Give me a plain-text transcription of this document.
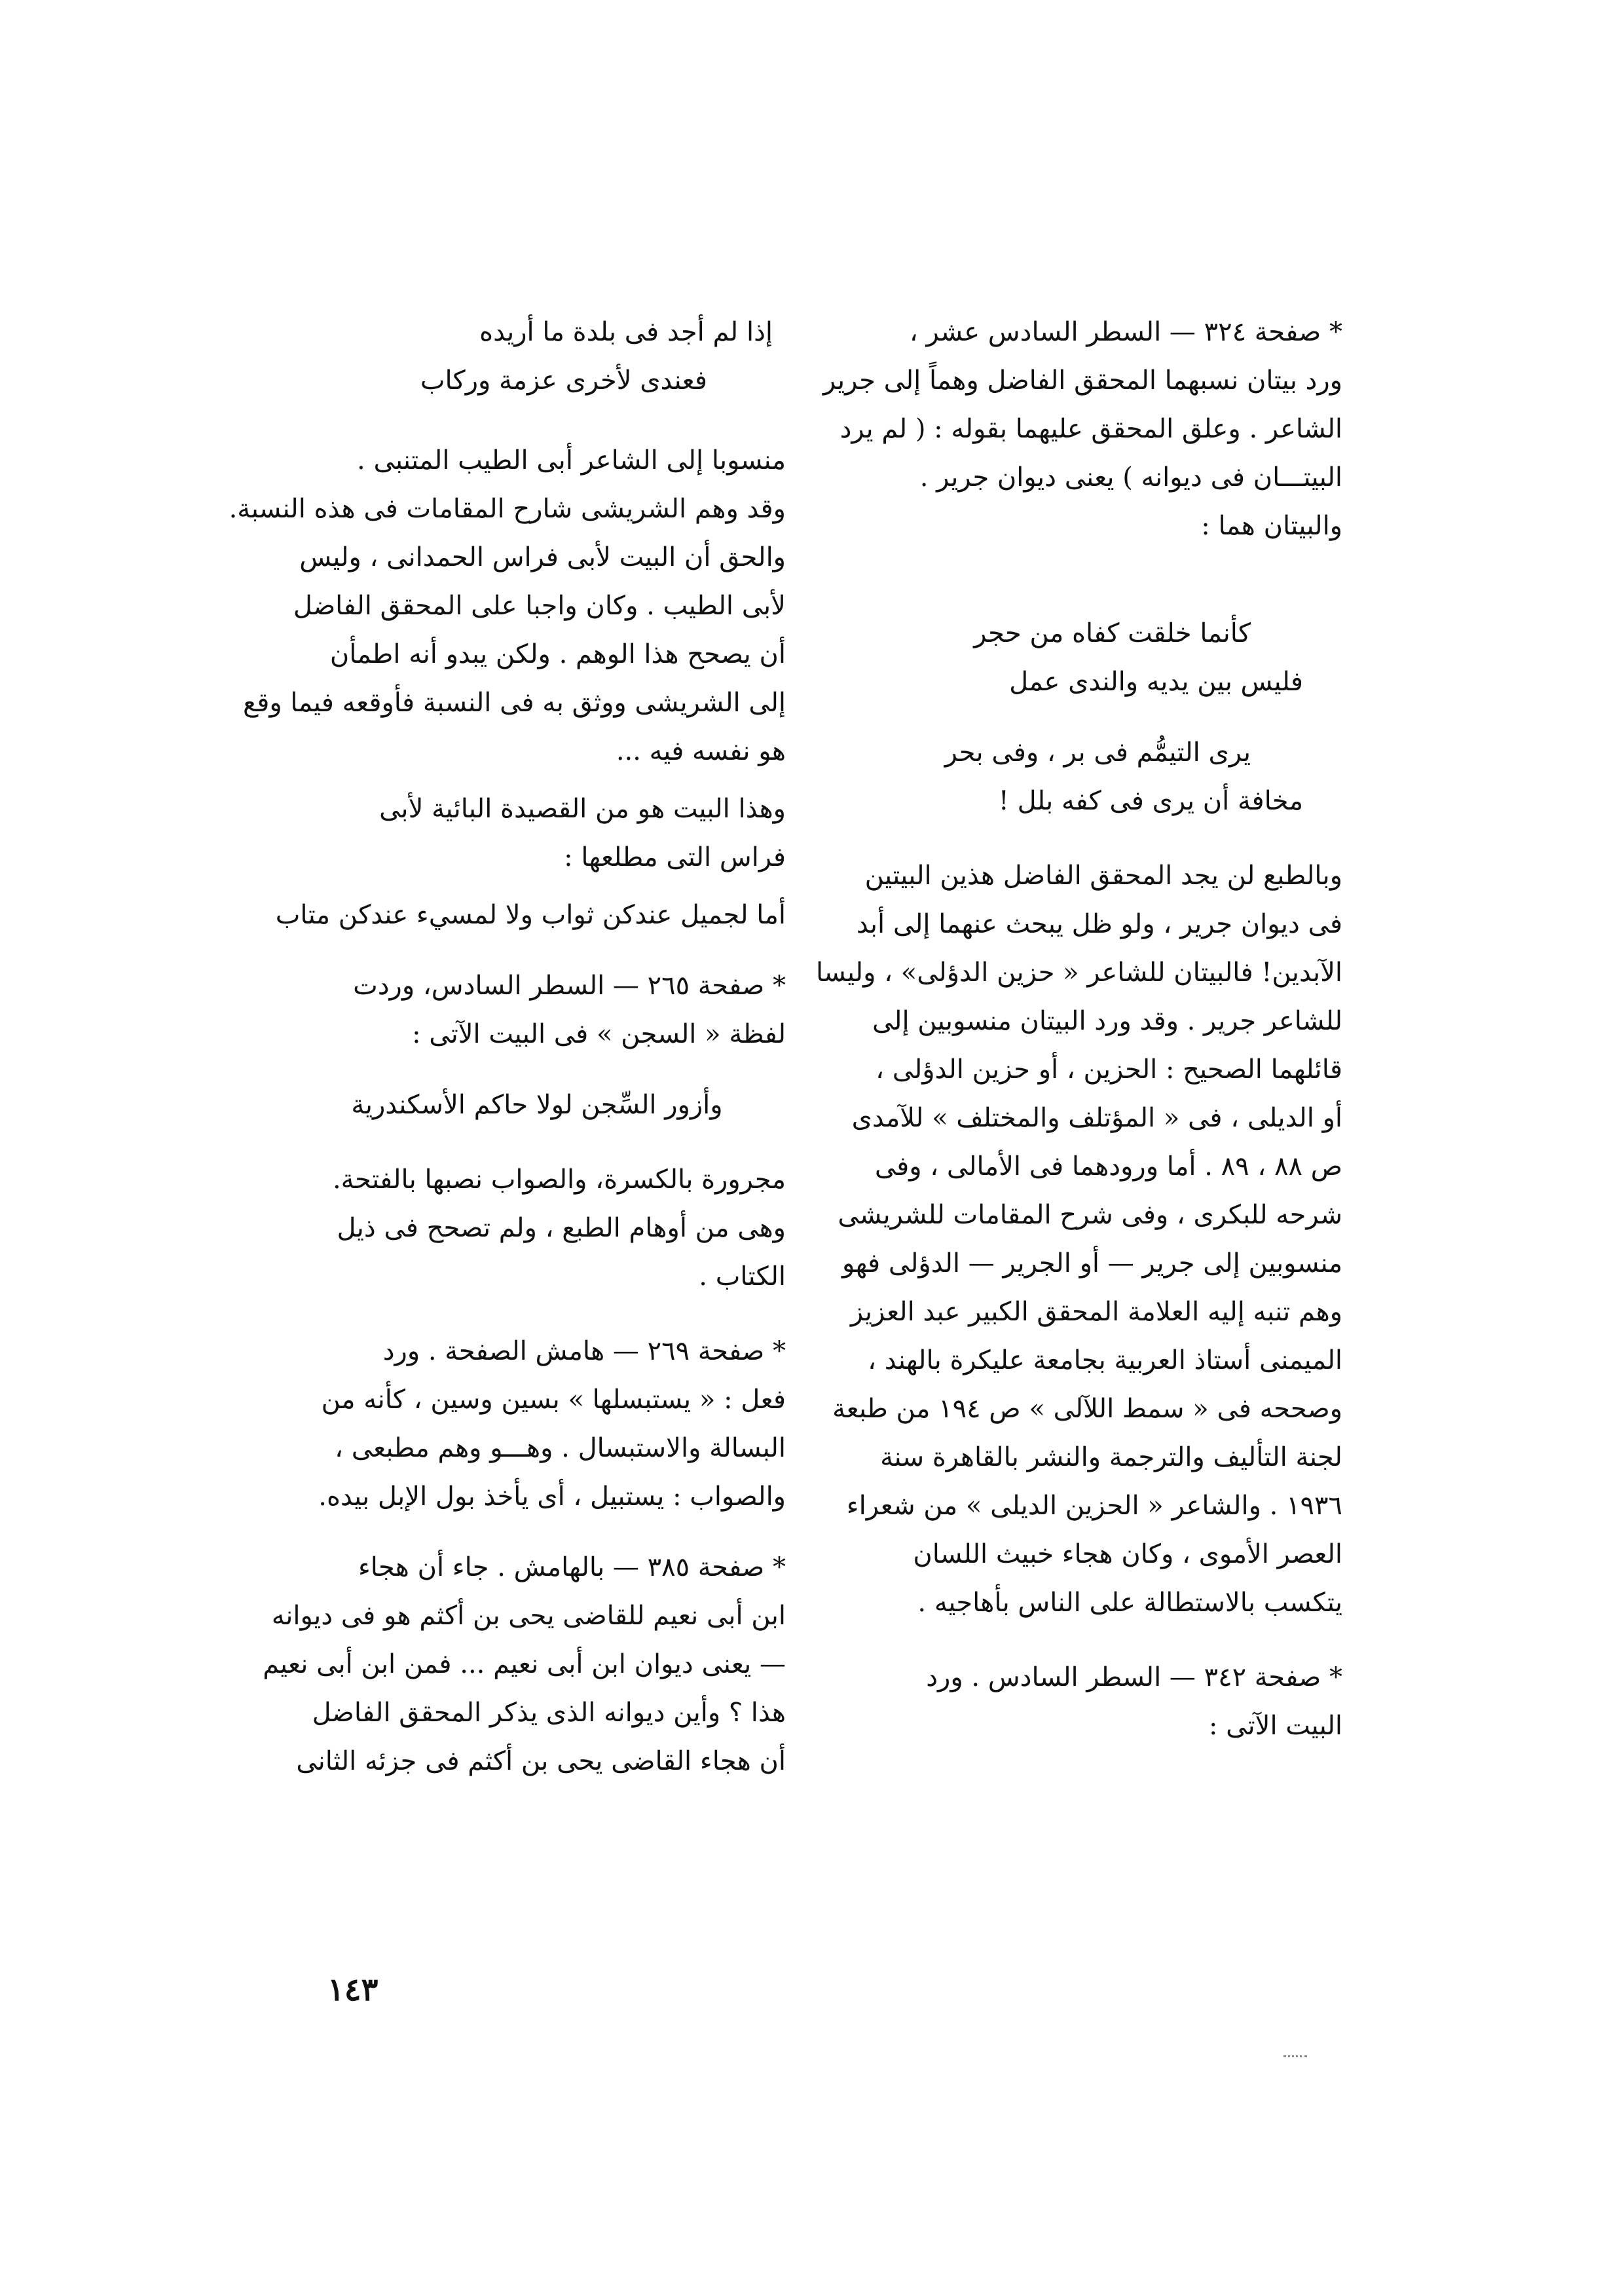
* صفحة ٣٢٤ — السطر السادس عشر ،
ورد بيتان نسبهما المحقق الفاضل وهماً إلى جرير
الشاعر . وعلق المحقق عليهما بقوله : ( لم يرد
البيتـــان فى ديوانه ) يعنى ديوان جرير .
والبيتان هما :
كأنما خلقت كفاه من حجر
فليس بين يديه والندى عمل
يرى التيمُّم فى بر ، وفى بحر
مخافة أن يرى فى كفه بلل !
وبالطبع لن يجد المحقق الفاضل هذين البيتين
فى ديوان جرير ، ولو ظل يبحث عنهما إلى أبد
الآبدين! فالبيتان للشاعر « حزين الدؤلى» ، وليسا
للشاعر جرير . وقد ورد البيتان منسوبين إلى
قائلهما الصحيح : الحزين ، أو حزين الدؤلى ،
أو الديلى ، فى « المؤتلف والمختلف » للآمدى
ص ٨٨ ، ٨٩ . أما ورودهما فى الأمالى ، وفى
شرحه للبكرى ، وفى شرح المقامات للشريشى
منسوبين إلى جرير — أو الجرير — الدؤلى فهو
وهم تنبه إليه العلامة المحقق الكبير عبد العزيز
الميمنى أستاذ العربية بجامعة عليكرة بالهند ،
وصححه فى « سمط اللآلى » ص ١٩٤ من طبعة
لجنة التأليف والترجمة والنشر بالقاهرة سنة
١٩٣٦ . والشاعر « الحزين الديلى » من شعراء
العصر الأموى ، وكان هجاء خبيث اللسان
يتكسب بالاستطالة على الناس بأهاجيه .
* صفحة ٣٤٢ — السطر السادس . ورد
البيت الآتى :
إذا لم أجد فى بلدة ما أريده
فعندى لأخرى عزمة وركاب
منسوبا إلى الشاعر أبى الطيب المتنبى .
وقد وهم الشريشى شارح المقامات فى هذه النسبة.
والحق أن البيت لأبى فراس الحمدانى ، وليس
لأبى الطيب . وكان واجبا على المحقق الفاضل
أن يصحح هذا الوهم . ولكن يبدو أنه اطمأن
إلى الشريشى ووثق به فى النسبة فأوقعه فيما وقع
هو نفسه فيه ...
وهذا البيت هو من القصيدة البائية لأبى
فراس التى مطلعها :
أما لجميل عندكن ثواب ولا لمسيء عندكن متاب
* صفحة ٢٦٥ — السطر السادس، وردت
لفظة « السجن » فى البيت الآتى :
وأزور السِّجن لولا حاكم الأسكندرية
مجرورة بالكسرة، والصواب نصبها بالفتحة.
وهى من أوهام الطبع ، ولم تصحح فى ذيل
الكتاب .
* صفحة ٢٦٩ — هامش الصفحة . ورد
فعل : « يستبسلها » بسين وسين ، كأنه من
البسالة والاستبسال . وهـــو وهم مطبعى ،
والصواب : يستبيل ، أى يأخذ بول الإبل بيده.
* صفحة ٣٨٥ — بالهامش . جاء أن هجاء
ابن أبى نعيم للقاضى يحى بن أكثم هو فى ديوانه
— يعنى ديوان ابن أبى نعيم ... فمن ابن أبى نعيم
هذا ؟ وأين ديوانه الذى يذكر المحقق الفاضل
أن هجاء القاضى يحى بن أكثم فى جزئه الثانى
١٤٣
